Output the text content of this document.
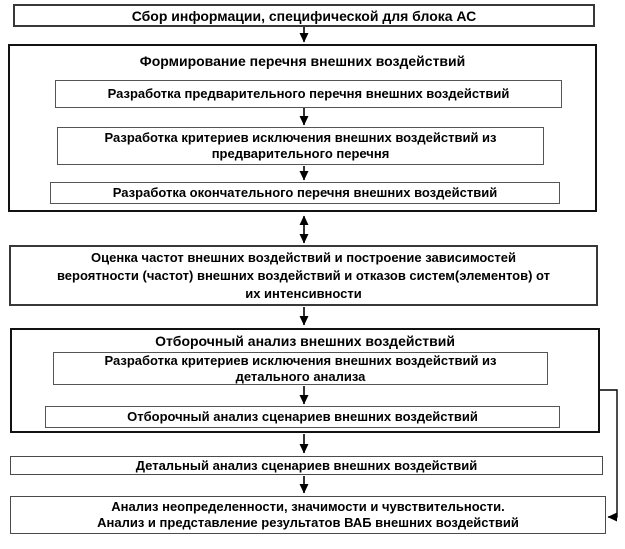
Сбор информации, специфической для блока АС
Формирование перечня внешних воздействий
Разработка предварительного перечня внешних воздействий
Разработка критериев исключения внешних воздействий из
предварительного перечня
Разработка окончательного перечня внешних воздействий
Оценка частот внешних воздействий и построение зависимостей
вероятности (частот) внешних воздействий и отказов систем(элементов) от
их интенсивности
Отборочный анализ внешних воздействий
Разработка критериев исключения внешних воздействий из
детального анализа
Отборочный анализ сценариев внешних воздействий
Детальный анализ сценариев внешних воздействий
Анализ неопределенности, значимости и чувствительности.
Анализ и представление результатов ВАБ внешних воздействий
